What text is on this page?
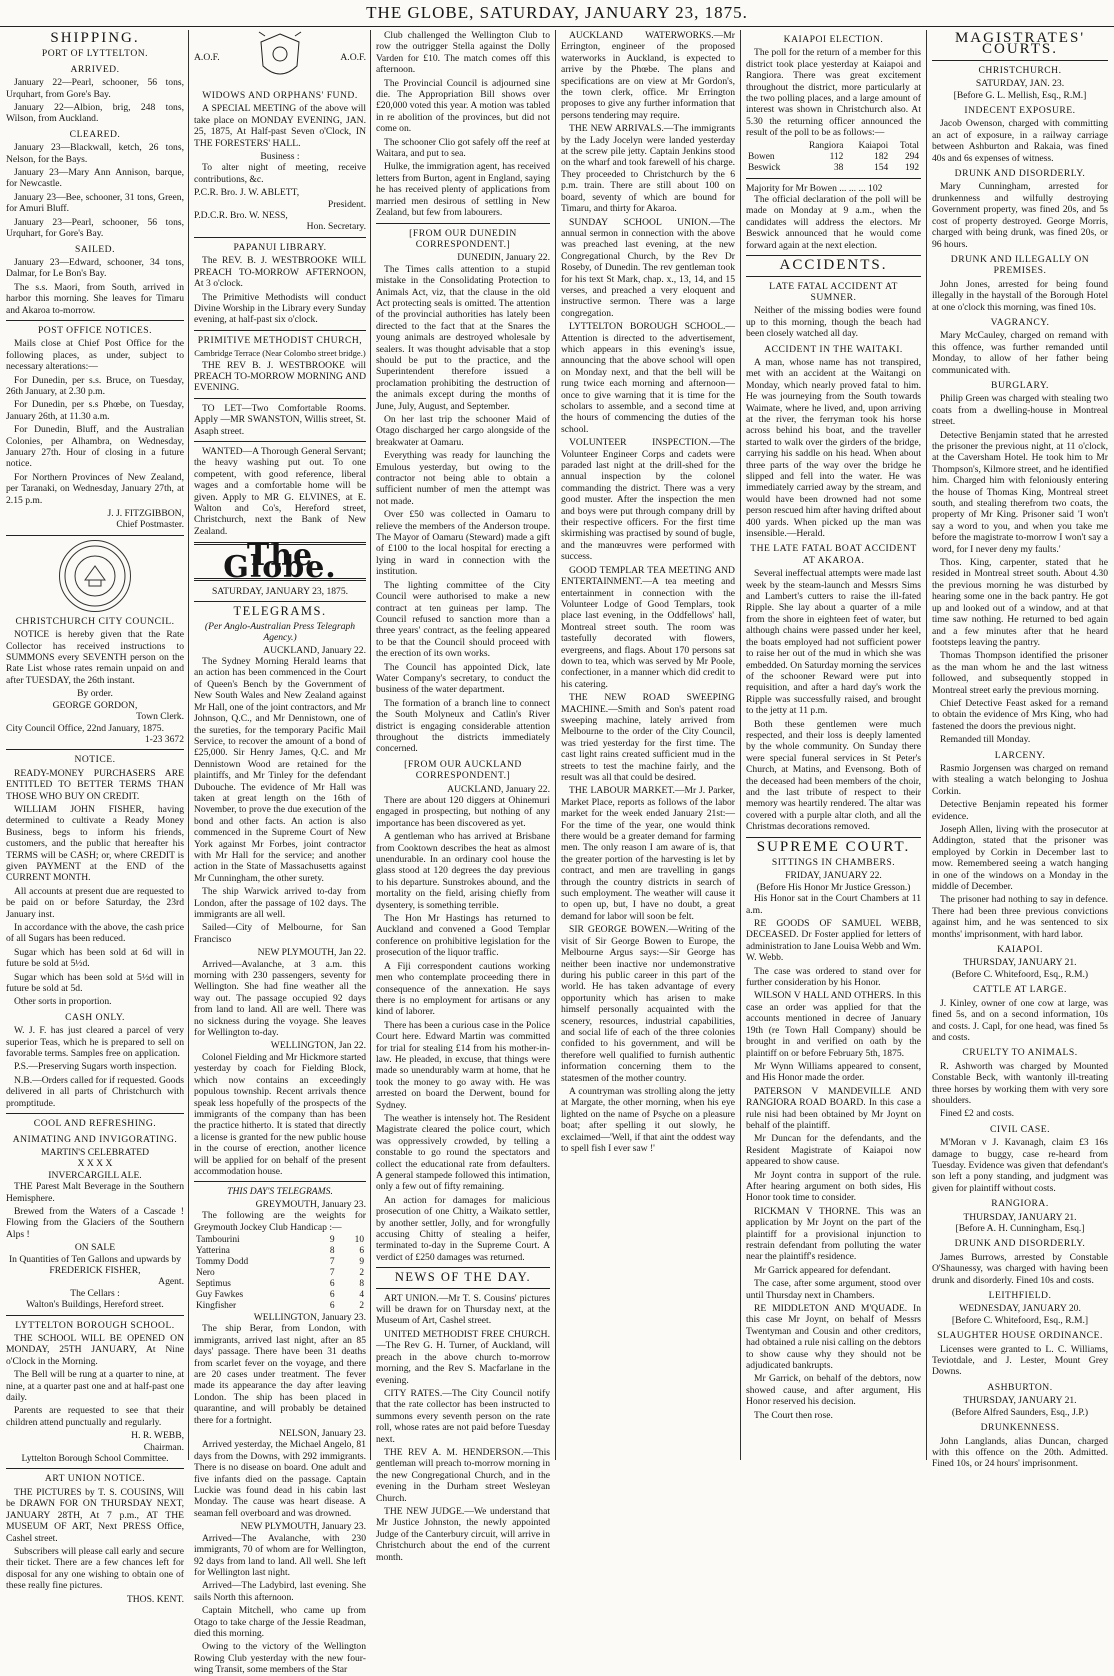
THE GLOBE, SATURDAY, JANUARY 23, 1875.
SHIPPING.
PORT OF LYTTELTON.
ARRIVED.

January 22—Pearl, schooner, 56 tons, Urquhart, from Gore's Bay.

January 22—Albion, brig, 248 tons, Wilson, from Auckland.

CLEARED.

January 23—Blackwall, ketch, 26 tons, Nelson, for the Bays.

January 23—Mary Ann Annison, barque, for Newcastle.

January 23—Bee, schooner, 31 tons, Green, for Amuri Bluff.

January 23—Pearl, schooner, 56 tons, Urquhart, for Gore's Bay.

SAILED.

January 23—Edward, schooner, 34 tons, Dalmar, for Le Bon's Bay.

The s.s. Maori, from South, arrived in harbor this morning. She leaves for Timaru and Akaroa to-morrow.

POST OFFICE NOTICES.

Mails close at Chief Post Office for the following places, as under, subject to necessary alterations:—

For Dunedin, per s.s. Bruce, on Tuesday, 26th January, at 2.30 p.m.

For Dunedin, per s.s Phœbe, on Tuesday, January 26th, at 11.30 a.m.

For Dunedin, Bluff, and the Australian Colonies, per Alhambra, on Wednesday, January 27th. Hour of closing in a future notice.

For Northern Provinces of New Zealand, per Taranaki, on Wednesday, January 27th, at 2.15 p.m.

J. J. FITZGIBBON,
Chief Postmaster.
CHRISTCHURCH CITY COUNCIL.

NOTICE is hereby given that the Rate Collector has received instructions to SUMMONS every SEVENTH person on the Rate List whose rates remain unpaid on and after TUESDAY, the 26th instant.

By order.
GEORGE GORDON,
Town Clerk.
City Council Office, 22nd January, 1875.
1-23 3672
NOTICE.

READY-MONEY PURCHASERS ARE ENTITLED TO BETTER TERMS THAN THOSE WHO BUY ON CREDIT.

WILLIAM JOHN FISHER, having determined to cultivate a Ready Money Business, begs to inform his friends, customers, and the public that hereafter his TERMS will be CASH; or, where CREDIT is given PAYMENT at the END of the CURRENT MONTH.

All accounts at present due are requested to be paid on or before Saturday, the 23rd January inst.

In accordance with the above, the cash price of all Sugars has been reduced.

Sugar which has been sold at 6d will in future be sold at 5½d.

Sugar which has been sold at 5½d will in future be sold at 5d.

Other sorts in proportion.

CASH ONLY.

W. J. F. has just cleared a parcel of very superior Teas, which he is prepared to sell on favorable terms. Samples free on application.

P.S.—Preserving Sugars worth inspection.

N.B.—Orders called for if requested. Goods delivered in all parts of Christchurch with promptitude.

COOL AND REFRESHING.
ANIMATING AND INVIGORATING.
MARTIN'S CELEBRATED
X X X X
INVERCARGILL ALE.

THE Parest Malt Beverage in the Southern Hemisphere.

Brewed from the Waters of a Cascade ! Flowing from the Glaciers of the Southern Alps !

ON SALE
In Quantities of Ten Gallons and upwards by
FREDERICK FISHER,
Agent.
The Cellars :
Walton's Buildings, Hereford street.
LYTTELTON BOROUGH SCHOOL.

THE SCHOOL WILL BE OPENED ON MONDAY, 25TH JANUARY, At Nine o'Clock in the Morning.

The Bell will be rung at a quarter to nine, at nine, at a quarter past one and at half-past one daily.

Parents are requested to see that their children attend punctually and regularly.

H. R. WEBB,
Chairman.
Lyttelton Borough School Committee.
ART UNION NOTICE.

THE PICTURES by T. S. COUSINS, Will be DRAWN FOR ON THURSDAY NEXT, JANUARY 28TH, At 7 p.m., AT THE MUSEUM OF ART, Next PRESS Office, Cashel street.

Subscribers will please call early and secure their ticket. There are a few chances left for disposal for any one wishing to obtain one of these really fine pictures.

THOS. KENT.
A.O.F.	A.O.F.
WIDOWS AND ORPHANS' FUND.

A SPECIAL MEETING of the above will take place on MONDAY EVENING, JAN. 25, 1875, At Half-past Seven o'Clock, IN THE FORESTERS' HALL.

Business :

To alter night of meeting, receive contributions, &c.

P.C.R. Bro. J. W. ABLETT,
President.
P.D.C.R. Bro. W. NESS,
Hon. Secretary.
PAPANUI LIBRARY.

The REV. B. J. WESTBROOKE WILL PREACH TO-MORROW AFTERNOON, At 3 o'clock.

The Primitive Methodists will conduct Divine Worship in the Library every Sunday evening, at half-past six o'clock.

PRIMITIVE METHODIST CHURCH,
Cambridge Terrace (Near Colombo street bridge.)

THE REV B. J. WESTBROOKE will PREACH TO-MORROW MORNING AND EVENING.

TO LET—Two Comfortable Rooms. Apply —MR SWANSTON, Willis street, St. Asaph street.

WANTED—A Thorough General Servant; the heavy washing put out. To one competent, with good reference, liberal wages and a comfortable home will be given. Apply to MR G. ELVINES, at E. Walton and Co's, Hereford street, Christchurch, next the Bank of New Zealand.

The Globe.
SATURDAY, JANUARY 23, 1875.
TELEGRAMS.
(Per Anglo-Australian Press Telegraph Agency.)
AUCKLAND, January 22.

The Sydney Morning Herald learns that an action has been commenced in the Court of Queen's Bench by the Government of New South Wales and New Zealand against Mr Hall, one of the joint contractors, and Mr Johnson, Q.C., and Mr Dennistown, one of the sureties, for the temporary Pacific Mail Service, to recover the amount of a bond of £25,000. Sir Henry James, Q.C. and Mr Dennistown Wood are retained for the plaintiffs, and Mr Tinley for the defendant Dubouche. The evidence of Mr Hall was taken at great length on the 16th of November, to prove the due execution of the bond and other facts. An action is also commenced in the Supreme Court of New York against Mr Forbes, joint contractor with Mr Hall for the service; and another action in the State of Massachusetts against Mr Cunningham, the other surety.

The ship Warwick arrived to-day from London, after the passage of 102 days. The immigrants are all well.

Sailed—City of Melbourne, for San Francisco

NEW PLYMOUTH, Jan 22.

Arrived—Avalanche, at 3 a.m. this morning with 230 passengers, seventy for Wellington. She had fine weather all the way out. The passage occupied 92 days from land to land. All are well. There was no sickness during the voyage. She leaves for Wellington to-day.

WELLINGTON, Jan 22.

Colonel Fielding and Mr Hickmore started yesterday by coach for Fielding Block, which now contains an exceedingly populous township. Recent arrivals thence speak less hopefully of the prospects of the immigrants of the company than has been the practice hitherto. It is stated that directly a license is granted for the new public house in the course of erection, another licence will be applied for on behalf of the present accommodation house.

THIS DAY'S TELEGRAMS.
GREYMOUTH, January 23.

The following are the weights for Greymouth Jockey Club Handicap :—

Tambourini	9	10
Yatterina	8	6
Tommy Dodd	7	9
Nero	7	2
Septimus	6	8
Guy Fawkes	6	4
Kingfisher	6	2
WELLINGTON, January 23.

The ship Berar, from London, with immigrants, arrived last night, after an 85 days' passage. There have been 31 deaths from scarlet fever on the voyage, and there are 20 cases under treatment. The fever made its appearance the day after leaving London. The ship has been placed in quarantine, and will probably be detained there for a fortnight.

NELSON, January 23.

Arrived yesterday, the Michael Angelo, 81 days from the Downs, with 292 immigrants. There is no disease on board. One adult and five infants died on the passage. Captain Luckie was found dead in his cabin last Monday. The cause was heart disease. A seaman fell overboard and was drowned.

NEW PLYMOUTH, January 23.

Arrived—The Avalanche, with 230 immigrants, 70 of whom are for Wellington, 92 days from land to land. All well. She left for Wellington last night.

Arrived—The Ladybird, last evening. She sails North this afternoon.

Captain Mitchell, who came up from Otago to take charge of the Jessie Readman, died this morning.

Owing to the victory of the Wellington Rowing Club yesterday with the new four-wing Transit, some members of the Star

Club challenged the Wellington Club to row the outrigger Stella against the Dolly Varden for £10. The match comes off this afternoon.

The Provincial Council is adjourned sine die. The Appropriation Bill shows over £20,000 voted this year. A motion was tabled in re abolition of the provinces, but did not come on.

The schooner Clio got safely off the reef at Waitara, and put to sea.

Hulke, the immigration agent, has received letters from Burton, agent in England, saying he has received plenty of applications from married men desirous of settling in New Zealand, but few from labourers.

[FROM OUR DUNEDIN CORRESPONDENT.]
DUNEDIN, January 22.

The Times calls attention to a stupid mistake in the Consolidating Protection to Animals Act, viz, that the clause in the old Act protecting seals is omitted. The attention of the provincial authorities has lately been directed to the fact that at the Snares the young animals are destroyed wholesale by sealers. It was thought advisable that a stop should be put to the practice, and the Superintendent therefore issued a proclamation prohibiting the destruction of the animals except during the months of June, July, August, and September.

On her last trip the schooner Maid of Otago discharged her cargo alongside of the breakwater at Oamaru.

Everything was ready for launching the Emulous yesterday, but owing to the contractor not being able to obtain a sufficient number of men the attempt was not made.

Over £50 was collected in Oamaru to relieve the members of the Anderson troupe. The Mayor of Oamaru (Steward) made a gift of £100 to the local hospital for erecting a lying in ward in connection with the institution.

The lighting committee of the City Council were authorised to make a new contract at ten guineas per lamp. The Council refused to sanction more than a three years' contract, as the feeling appeared to be that the Council should proceed with the erection of its own works.

The Council has appointed Dick, late Water Company's secretary, to conduct the business of the water department.

The formation of a branch line to connect the South Molyneux and Catlin's River district is engaging considerable attention throughout the districts immediately concerned.

[FROM OUR AUCKLAND CORRESPONDENT.]
AUCKLAND, January 22.

There are about 120 diggers at Ohinemuri engaged in prospecting, but nothing of any importance has been discovered as yet.

A gentleman who has arrived at Brisbane from Cooktown describes the heat as almost unendurable. In an ordinary cool house the glass stood at 120 degrees the day previous to his departure. Sunstrokes abound, and the mortality on the field, arising chiefly from dysentery, is something terrible.

The Hon Mr Hastings has returned to Auckland and convened a Good Templar conference on prohibitive legislation for the prosecution of the liquor traffic.

A Fiji correspondent cautions working men who contemplate proceeding there in consequence of the annexation. He says there is no employment for artisans or any kind of laborer.

There has been a curious case in the Police Court here. Edward Martin was committed for trial for stealing £14 from his mother-in-law. He pleaded, in excuse, that things were made so unendurably warm at home, that he took the money to go away with. He was arrested on board the Derwent, bound for Sydney.

The weather is intensely hot. The Resident Magistrate cleared the police court, which was oppressively crowded, by telling a constable to go round the spectators and collect the educational rate from defaulters. A general stampede followed this intimation, only a few out of fifty remaining.

An action for damages for malicious prosecution of one Chitty, a Waikato settler, by another settler, Jolly, and for wrongfully accusing Chitty of stealing a heifer, terminated to-day in the Supreme Court. A verdict of £250 damages was returned.

NEWS OF THE DAY.

ART UNION.—Mr T. S. Cousins' pictures will be drawn for on Thursday next, at the Museum of Art, Cashel street.

UNITED METHODIST FREE CHURCH.—The Rev G. H. Turner, of Auckland, will preach in the above church to-morrow morning, and the Rev S. Macfarlane in the evening.

CITY RATES.—The City Council notify that the rate collector has been instructed to summons every seventh person on the rate roll, whose rates are not paid before Tuesday next.

THE REV A. M. HENDERSON.—This gentleman will preach to-morrow morning in the new Congregational Church, and in the evening in the Durham street Wesleyan Church.

THE NEW JUDGE.—We understand that Mr Justice Johnston, the newly appointed Judge of the Canterbury circuit, will arrive in Christchurch about the end of the current month.

AUCKLAND WATERWORKS.—Mr Errington, engineer of the proposed waterworks in Auckland, is expected to arrive by the Phœbe. The plans and specifications are on view at Mr Gordon's, the town clerk, office. Mr Errington proposes to give any further information that persons tendering may require.

THE NEW ARRIVALS.—The immigrants by the Lady Jocelyn were landed yesterday at the screw pile jetty. Captain Jenkins stood on the wharf and took farewell of his charge. They proceeded to Christchurch by the 6 p.m. train. There are still about 100 on board, seventy of which are bound for Timaru, and thirty for Akaroa.

SUNDAY SCHOOL UNION.—The annual sermon in connection with the above was preached last evening, at the new Congregational Church, by the Rev Dr Roseby, of Dunedin. The rev gentleman took for his text St Mark, chap. x., 13, 14, and 15 verses, and preached a very eloquent and instructive sermon. There was a large congregation.

LYTTELTON BOROUGH SCHOOL.—Attention is directed to the advertisement, which appears in this evening's issue, announcing that the above school will open on Monday next, and that the bell will be rung twice each morning and afternoon—once to give warning that it is time for the scholars to assemble, and a second time at the hours of commencing the duties of the school.

VOLUNTEER INSPECTION.—The Volunteer Engineer Corps and cadets were paraded last night at the drill-shed for the annual inspection by the colonel commanding the district. There was a very good muster. After the inspection the men and boys were put through company drill by their respective officers. For the first time skirmishing was practised by sound of bugle, and the manœuvres were performed with success.

GOOD TEMPLAR TEA MEETING AND ENTERTAINMENT.—A tea meeting and entertainment in connection with the Volunteer Lodge of Good Templars, took place last evening, in the Oddfellows' hall, Montreal street south. The room was tastefully decorated with flowers, evergreens, and flags. About 170 persons sat down to tea, which was served by Mr Poole, confectioner, in a manner which did credit to his catering.

THE NEW ROAD SWEEPING MACHINE.—Smith and Son's patent road sweeping machine, lately arrived from Melbourne to the order of the City Council, was tried yesterday for the first time. The cast light rains created sufficient mud in the streets to test the machine fairly, and the result was all that could be desired.

THE LABOUR MARKET.—Mr J. Parker, Market Place, reports as follows of the labor market for the week ended January 21st:—For the time of the year, one would think there would be a greater demand for farming men. The only reason I am aware of is, that the greater portion of the harvesting is let by contract, and men are travelling in gangs through the country districts in search of such employment. The weather will cause it to open up, but, I have no doubt, a great demand for labor will soon be felt.

SIR GEORGE BOWEN.—Writing of the visit of Sir George Bowen to Europe, the Melbourne Argus says:—Sir George has neither been inactive nor undemonstrative during his public career in this part of the world. He has taken advantage of every opportunity which has arisen to make himself personally acquainted with the scenery, resources, industrial capabilities, and social life of each of the three colonies confided to his government, and will be therefore well qualified to furnish authentic information concerning them to the statesmen of the mother country.

A countryman was strolling along the jetty at Margate, the other morning, when his eye lighted on the name of Psyche on a pleasure boat; after spelling it out slowly, he exclaimed—'Well, if that aint the oddest way to spell fish I ever saw !'

KAIAPOI ELECTION.

The poll for the return of a member for this district took place yesterday at Kaiapoi and Rangiora. There was great excitement throughout the district, more particularly at the two polling places, and a large amount of interest was shown in Christchurch also. At 5.30 the returning officer announced the result of the poll to be as follows:—

	Rangiora	Kaiapoi	Total
Bowen	112	182	294
Beswick	38	154	192
Majority for Mr Bowen ... ... ... 102

The official declaration of the poll will be made on Monday at 9 a.m., when the candidates will address the electors. Mr Beswick announced that he would come forward again at the next election.

ACCIDENTS.
LATE FATAL ACCIDENT AT SUMNER.

Neither of the missing bodies were found up to this morning, though the beach had been closely watched all day.

ACCIDENT IN THE WAITAKI.

A man, whose name has not transpired, met with an accident at the Waitangi on Monday, which nearly proved fatal to him. He was journeying from the South towards Waimate, where he lived, and, upon arriving at the river, the ferryman took his horse across behind his boat, and the traveller started to walk over the girders of the bridge, carrying his saddle on his head. When about three parts of the way over the bridge he slipped and fell into the water. He was immediately carried away by the stream, and would have been drowned had not some person rescued him after having drifted about 400 yards. When picked up the man was insensible.—Herald.

THE LATE FATAL BOAT ACCIDENT AT AKAROA.

Several ineffectual attempts were made last week by the steam-launch and Messrs Sims and Lambert's cutters to raise the ill-fated Ripple. She lay about a quarter of a mile from the shore in eighteen feet of water, but although chains were passed under her keel, the boats employed had not sufficient power to raise her out of the mud in which she was embedded. On Saturday morning the services of the schooner Reward were put into requisition, and after a hard day's work the Ripple was successfully raised, and brought to the jetty at 11 p.m.

Both these gentlemen were much respected, and their loss is deeply lamented by the whole community. On Sunday there were special funeral services in St Peter's Church, at Matins, and Evensong. Both of the deceased had been members of the choir, and the last tribute of respect to their memory was heartily rendered. The altar was covered with a purple altar cloth, and all the Christmas decorations removed.

SUPREME COURT.
SITTINGS IN CHAMBERS.
FRIDAY, JANUARY 22.
(Before His Honor Mr Justice Gresson.)

His Honor sat in the Court Chambers at 11 a.m.

RE GOODS OF SAMUEL WEBB, DECEASED. Dr Foster applied for letters of administration to Jane Louisa Webb and Wm. W. Webb.

The case was ordered to stand over for further consideration by his Honor.

WILSON V HALL AND OTHERS. In this case an order was applied for that the accounts mentioned in decree of January 19th (re Town Hall Company) should be brought in and verified on oath by the plaintiff on or before February 5th, 1875.

Mr Wynn Williams appeared to consent, and His Honor made the order.

PATERSON V MANDEVILLE AND RANGIORA ROAD BOARD. In this case a rule nisi had been obtained by Mr Joynt on behalf of the plaintiff.

Mr Duncan for the defendants, and the Resident Magistrate of Kaiapoi now appeared to show cause.

Mr Joynt contra in support of the rule. After hearing argument on both sides, His Honor took time to consider.

RICKMAN V THORNE. This was an application by Mr Joynt on the part of the plaintiff for a provisional injunction to restrain defendant from polluting the water near the plaintiff's residence.

Mr Garrick appeared for defendant.

The case, after some argument, stood over until Thursday next in Chambers.

RE MIDDLETON AND M'QUADE. In this case Mr Joynt, on behalf of Messrs Twentyman and Cousin and other creditors, had obtained a rule nisi calling on the debtors to show cause why they should not be adjudicated bankrupts.

Mr Garrick, on behalf of the debtors, now showed cause, and after argument, His Honor reserved his decision.

The Court then rose.

MAGISTRATES' COURTS.
CHRISTCHURCH.
SATURDAY, JAN. 23.
[Before G. L. Mellish, Esq., R.M.]
INDECENT EXPOSURE.

Jacob Owenson, charged with committing an act of exposure, in a railway carriage between Ashburton and Rakaia, was fined 40s and 6s expenses of witness.

DRUNK AND DISORDERLY.

Mary Cunningham, arrested for drunkenness and wilfully destroying Government property, was fined 20s, and 5s cost of property destroyed. George Morris, charged with being drunk, was fined 20s, or 96 hours.

DRUNK AND ILLEGALLY ON PREMISES.

John Jones, arrested for being found illegally in the haystall of the Borough Hotel at one o'clock this morning, was fined 10s.

VAGRANCY.

Mary McCauley, charged on remand with this offence, was further remanded until Monday, to allow of her father being communicated with.

BURGLARY.

Philip Green was charged with stealing two coats from a dwelling-house in Montreal street.

Detective Benjamin stated that he arrested the prisoner the previous night, at 11 o'clock, at the Caversham Hotel. He took him to Mr Thompson's, Kilmore street, and he identified him. Charged him with feloniously entering the house of Thomas King, Montreal street south, and stealing therefrom two coats, the property of Mr King. Prisoner said 'I won't say a word to you, and when you take me before the magistrate to-morrow I won't say a word, for I never deny my faults.'

Thos. King, carpenter, stated that he resided in Montreal street south. About 4.30 the previous morning he was disturbed by hearing some one in the back pantry. He got up and looked out of a window, and at that time saw nothing. He returned to bed again and a few minutes after that he heard footsteps leaving the pantry.

Thomas Thompson identified the prisoner as the man whom he and the last witness followed, and subsequently stopped in Montreal street early the previous morning.

Chief Detective Feast asked for a remand to obtain the evidence of Mrs King, who had fastened the doors the previous night.

Remanded till Monday.

LARCENY.

Rasmio Jorgensen was charged on remand with stealing a watch belonging to Joshua Corkin.

Detective Benjamin repeated his former evidence.

Joseph Allen, living with the prosecutor at Addington, stated that the prisoner was employed by Corkin in December last to mow. Remembered seeing a watch hanging in one of the windows on a Monday in the middle of December.

The prisoner had nothing to say in defence. There had been three previous convictions against him, and he was sentenced to six months' imprisonment, with hard labor.

KAIAPOI.
THURSDAY, JANUARY 21.
(Before C. Whitefoord, Esq., R.M.)
CATTLE AT LARGE.

J. Kinley, owner of one cow at large, was fined 5s, and on a second information, 10s and costs. J. Capl, for one head, was fined 5s and costs.

CRUELTY TO ANIMALS.

R. Ashworth was charged by Mounted Constable Beck, with wantonly ill-treating three horses by working them with very sore shoulders.

Fined £2 and costs.

CIVIL CASE.

M'Moran v J. Kavanagh, claim £3 16s damage to buggy, case re-heard from Tuesday. Evidence was given that defendant's son left a pony standing, and judgment was given for plaintiff without costs.

RANGIORA.
THURSDAY, JANUARY 21.
[Before A. H. Cunningham, Esq.]
DRUNK AND DISORDERLY.

James Burrows, arrested by Constable O'Shaunessy, was charged with having been drunk and disorderly. Fined 10s and costs.

LEITHFIELD.
WEDNESDAY, JANUARY 20.
[Before C. Whitefoord, Esq., R.M.]
SLAUGHTER HOUSE ORDINANCE.

Licenses were granted to L. C. Williams, Teviotdale, and J. Lester, Mount Grey Downs.

ASHBURTON.
THURSDAY, JANUARY 21.
(Before Alfred Saunders, Esq., J.P.)
DRUNKENNESS.

John Langlands, alias Duncan, charged with this offence on the 20th. Admitted. Fined 10s, or 24 hours' imprisonment.
